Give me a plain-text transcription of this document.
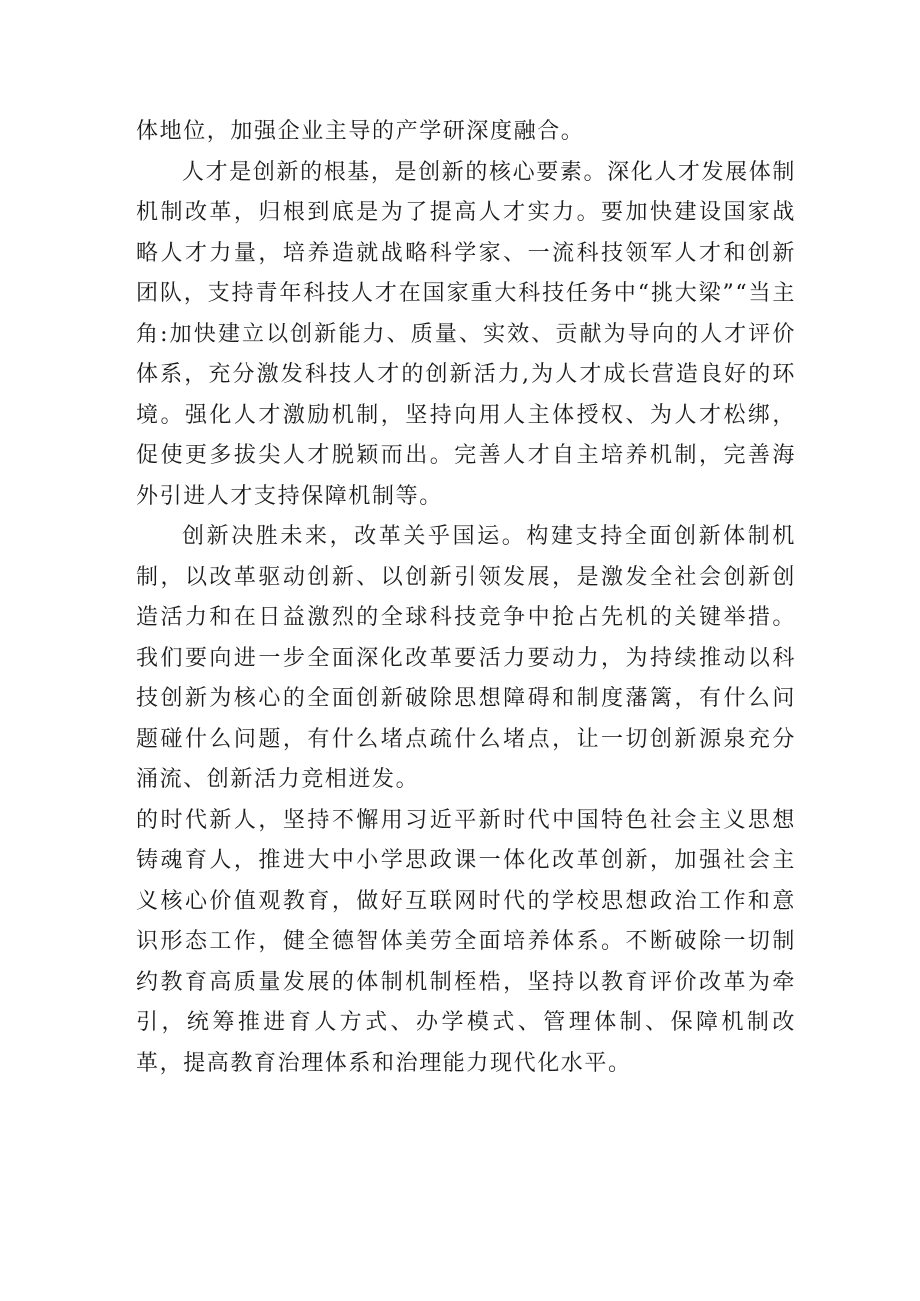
体地位，加强企业主导的产学研深度融合。

人才是创新的根基，是创新的核心要素。深化人才发展体制机制改革，归根到底是为了提高人才实力。要加快建设国家战略人才力量，培养造就战略科学家、一流科技领军人才和创新团队，支持青年科技人才在国家重大科技任务中“挑大梁”“当主角:加快建立以创新能力、质量、实效、贡献为导向的人才评价体系，充分激发科技人才的创新活力,为人才成长营造良好的环境。强化人才激励机制，坚持向用人主体授权、为人才松绑，促使更多拔尖人才脱颖而出。完善人才自主培养机制，完善海外引进人才支持保障机制等。

创新决胜未来，改革关乎国运。构建支持全面创新体制机制，以改革驱动创新、以创新引领发展，是激发全社会创新创造活力和在日益激烈的全球科技竞争中抢占先机的关键举措。我们要向进一步全面深化改革要活力要动力，为持续推动以科技创新为核心的全面创新破除思想障碍和制度藩篱，有什么问题碰什么问题，有什么堵点疏什么堵点，让一切创新源泉充分涌流、创新活力竞相迸发。

的时代新人，坚持不懈用习近平新时代中国特色社会主义思想铸魂育人，推进大中小学思政课一体化改革创新，加强社会主义核心价值观教育，做好互联网时代的学校思想政治工作和意识形态工作，健全德智体美劳全面培养体系。不断破除一切制约教育高质量发展的体制机制桎梏，坚持以教育评价改革为牵引，统筹推进育人方式、办学模式、管理体制、保障机制改革，提高教育治理体系和治理能力现代化水平。
